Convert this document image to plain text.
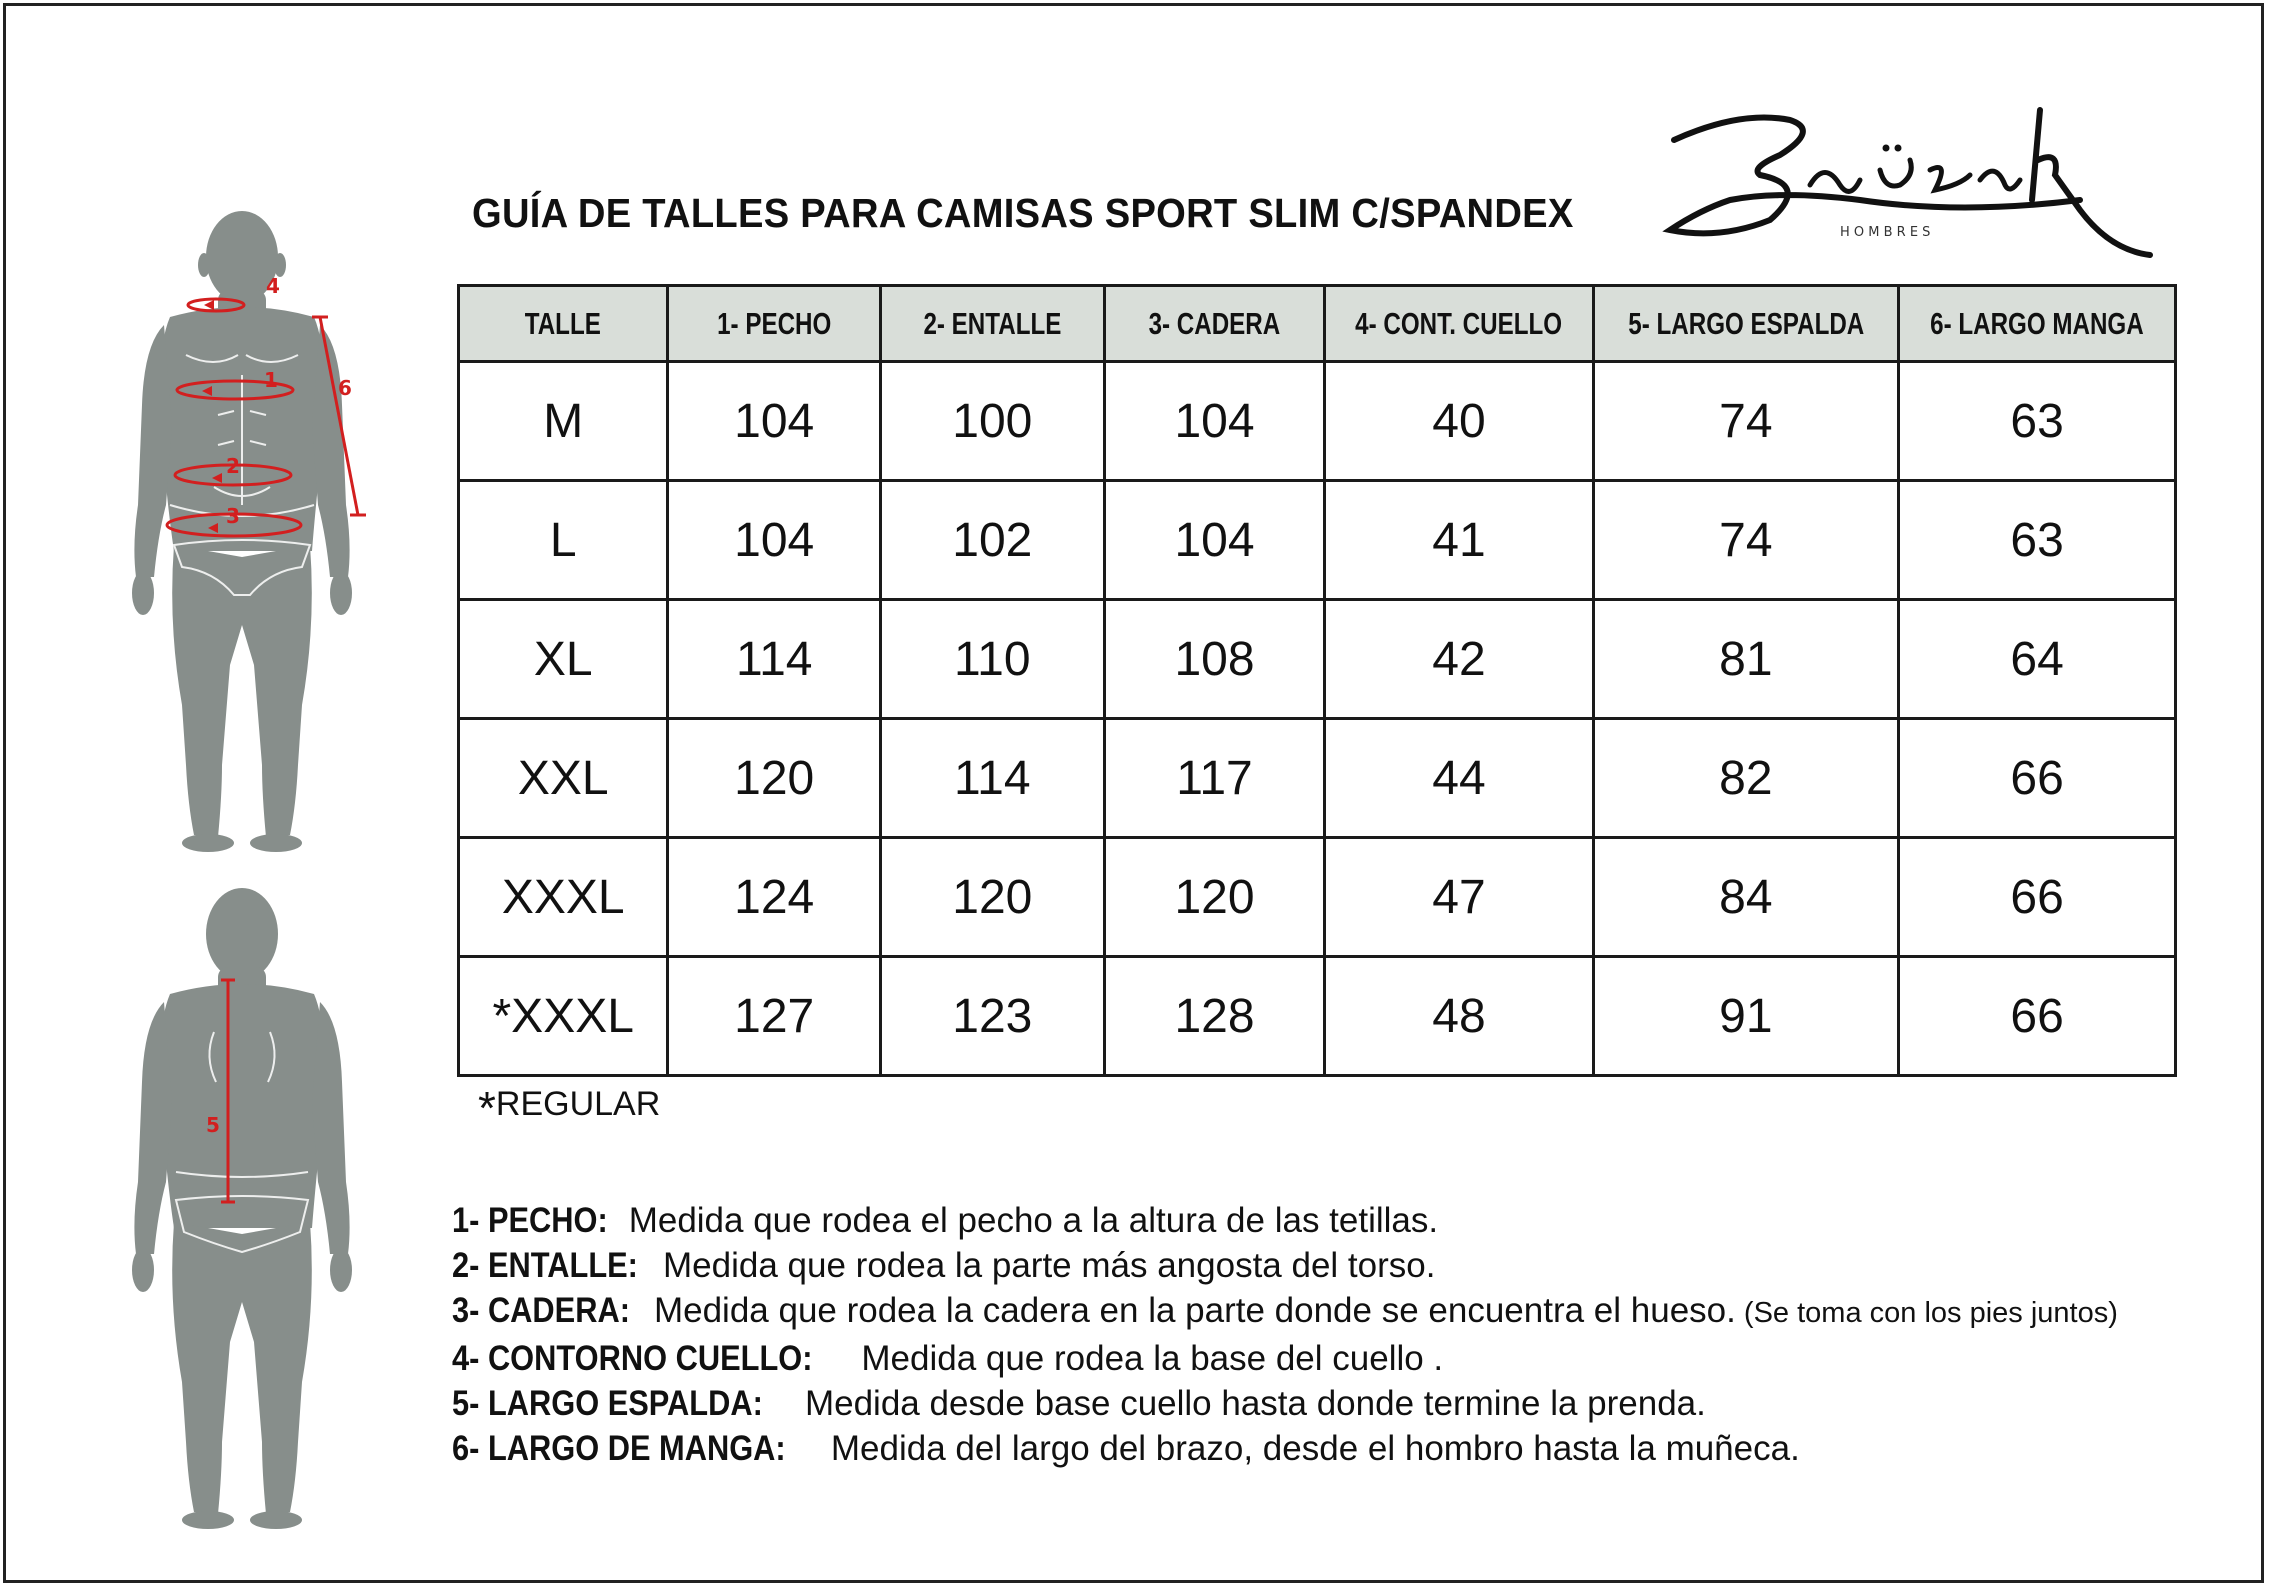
1
2
3
4
6
5
GUÍA DE TALLES PARA CAMISAS SPORT SLIM C/SPANDEX	H O M B R E S
TALLE	1- PECHO	2- ENTALLE	3- CADERA	4- CONT. CUELLO	5- LARGO ESPALDA	6- LARGO MANGA
M	104	100	104	40	74	63
L	104	102	104	41	74	63
XL	114	110	108	42	81	64
XXL	120	114	117	44	82	66
XXXL	124	120	120	47	84	66
*XXXL	127	123	128	48	91	66
*REGULAR
1- PECHO: Medida que rodea el pecho a la altura de las tetillas.
2- ENTALLE: Medida que rodea la parte más angosta del torso.
3- CADERA: Medida que rodea la cadera en la parte donde se encuentra el hueso. (Se toma con los pies juntos)
4- CONTORNO CUELLO: Medida que rodea la base del cuello .
5- LARGO ESPALDA: Medida desde base cuello hasta donde termine la prenda.
6- LARGO DE MANGA: Medida del largo del brazo, desde el hombro hasta la muñeca.
